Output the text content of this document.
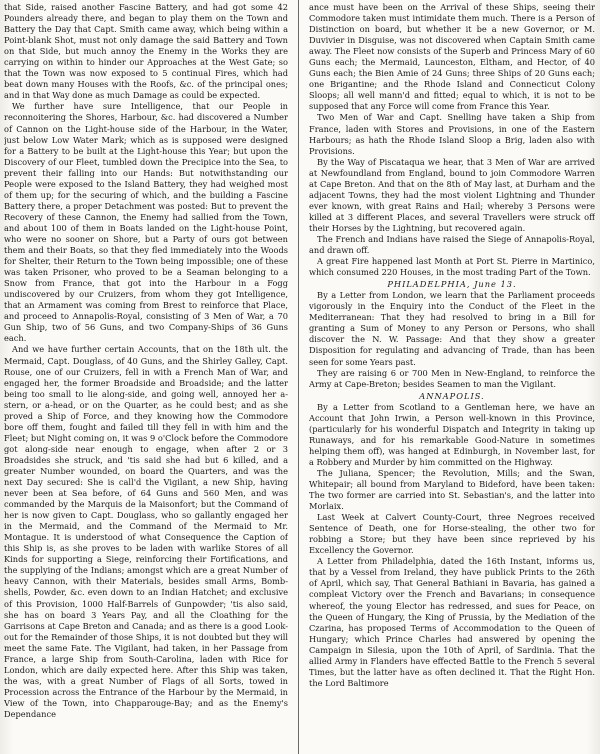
that Side, raised another Fascine Battery, and had got some 42 Pounders already there, and began to play them on the Town and Battery the Day that Capt. Smith came away, which being within a Point-blank Shot, must not only damage the said Battery and Town on that Side, but much annoy the Enemy in the Works they are carrying on within to hinder our Approaches at the West Gate; so that the Town was now exposed to 5 continual Fires, which had beat down many Houses with the Roofs, &c. of the principal ones; and in that Way done as much Damage as could be expected.

We further have sure Intelligence, that our People in reconnoitering the Shores, Harbour, &c. had discovered a Number of Cannon on the Light-house side of the Harbour, in the Water, just below Low Water Mark; which as is supposed were designed for a Battery to be built at the Light-house this Year; but upon the Discovery of our Fleet, tumbled down the Precipice into the Sea, to prevent their falling into our Hands: But notwithstanding our People were exposed to the Island Battery, they had weighed most of them up; for the securing of which, and the building a Fascine Battery there, a proper Detachment was posted: But to prevent the Recovery of these Cannon, the Enemy had sallied from the Town, and about 100 of them in Boats landed on the Light-house Point, who were no sooner on Shore, but a Party of ours got between them and their Boats, so that they fled immediately into the Woods for Shelter, their Return to the Town being impossible; one of these was taken Prisoner, who proved to be a Seaman belonging to a Snow from France, that got into the Harbour in a Fogg undiscovered by our Cruizers, from whom they got Intelligence, that an Armament was coming from Brest to reinforce that Place, and proceed to Annapolis-Royal, consisting of 3 Men of War, a 70 Gun Ship, two of 56 Guns, and two Company-Ships of 36 Guns each.

And we have further certain Accounts, that on the 18th ult. the Mermaid, Capt. Douglass, of 40 Guns, and the Shirley Galley, Capt. Rouse, one of our Cruizers, fell in with a French Man of War, and engaged her, the former Broadside and Broadside; and the latter being too small to lie along-side, and going well, annoyed her a-stern, or a-head, or on the Quarter, as he could best; and as she proved a Ship of Force, and they knowing how the Commodore bore off them, fought and failed till they fell in with him and the Fleet; but Night coming on, it was 9 o'Clock before the Commodore got along-side near enough to engage, when after 2 or 3 Broadsides she struck, and 'tis said she had but 6 killed, and a greater Number wounded, on board the Quarters, and was the next Day secured: She is call'd the Vigilant, a new Ship, having never been at Sea before, of 64 Guns and 560 Men, and was commanded by the Marquis de la Maisonfort; but the Command of her is now given to Capt. Douglass, who so gallantly engaged her in the Mermaid, and the Command of the Mermaid to Mr. Montague. It is understood of what Consequence the Caption of this Ship is, as she proves to be laden with warlike Stores of all Kinds for supporting a Siege, reinforcing their Fortifications, and the supplying of the Indians; amongst which are a great Number of heavy Cannon, with their Materials, besides small Arms, Bomb-shells, Powder, &c. even down to an Indian Hatchet; and exclusive of this Provision, 1000 Half-Barrels of Gunpowder; 'tis also said, she has on board 3 Years Pay, and all the Cloathing for the Garrisons at Cape Breton and Canada; and as there is a good Look-out for the Remainder of those Ships, it is not doubted but they will meet the same Fate. The Vigilant, had taken, in her Passage from France, a large Ship from South-Carolina, laden with Rice for London, which are daily expected here. After this Ship was taken, the was, with a great Number of Flags of all Sorts, towed in Procession across the Entrance of the Harbour by the Mermaid, in View of the Town, into Chapparouge-Bay; and as the Enemy's Dependance

ance must have been on the Arrival of these Ships, seeing their Commodore taken must intimidate them much. There is a Person of Distinction on board, but whether it be a new Governor, or M. Duvivier in Disguise, was not discovered when Captain Smith came away. The Fleet now consists of the Superb and Princess Mary of 60 Guns each; the Mermaid, Launceston, Eltham, and Hector, of 40 Guns each; the Bien Amie of 24 Guns; three Ships of 20 Guns each; one Brigantine; and the Rhode Island and Connecticut Colony Sloops; all well mann'd and fitted; equal to which, it is not to be supposed that any Force will come from France this Year.

Two Men of War and Capt. Snelling have taken a Ship from France, laden with Stores and Provisions, in one of the Eastern Harbours; as hath the Rhode Island Sloop a Brig, laden also with Provisions.

By the Way of Piscataqua we hear, that 3 Men of War are arrived at Newfoundland from England, bound to join Commodore Warren at Cape Breton. And that on the 8th of May last, at Durham and the adjacent Towns, they had the most violent Lightning and Thunder ever known, with great Rains and Hail; whereby 3 Persons were killed at 3 different Places, and several Travellers were struck off their Horses by the Lightning, but recovered again.

The French and Indians have raised the Siege of Annapolis-Royal, and drawn off.

A great Fire happened last Month at Port St. Pierre in Martinico, which consumed 220 Houses, in the most trading Part of the Town.

PHILADELPHIA, June 13.

By a Letter from London, we learn that the Parliament proceeds vigorously in the Enquiry into the Conduct of the Fleet in the Mediterranean: That they had resolved to bring in a Bill for granting a Sum of Money to any Person or Persons, who shall discover the N. W. Passage: And that they show a greater Disposition for regulating and advancing of Trade, than has been seen for some Years past.

They are raising 6 or 700 Men in New-England, to reinforce the Army at Cape-Breton; besides Seamen to man the Vigilant.

ANNAPOLIS.

By a Letter from Scotland to a Gentleman here, we have an Account that John Irwin, a Person well-known in this Province, (particularly for his wonderful Dispatch and Integrity in taking up Runaways, and for his remarkable Good-Nature in sometimes helping them off), was hanged at Edinburgh, in November last, for a Robbery and Murder by him committed on the Highway.

The Juliana, Spencer; the Revolution, Mills; and the Swan, Whitepair; all bound from Maryland to Bideford, have been taken: The two former are carried into St. Sebastian's, and the latter into Morlaix.

Last Week at Calvert County-Court, three Negroes received Sentence of Death, one for Horse-stealing, the other two for robbing a Store; but they have been since reprieved by his Excellency the Governor.

A Letter from Philadelphia, dated the 16th Instant, informs us, that by a Vessel from Ireland, they have publick Prints to the 26th of April, which say, That General Bathiani in Bavaria, has gained a compleat Victory over the French and Bavarians; in consequence whereof, the young Elector has redressed, and sues for Peace, on the Queen of Hungary, the King of Prussia, by the Mediation of the Czarina, has proposed Terms of Accommodation to the Queen of Hungary; which Prince Charles had answered by opening the Campaign in Silesia, upon the 10th of April, of Sardinia. That the allied Army in Flanders have effected Battle to the French 5 several Times, but the latter have as often declined it. That the Right Hon. the Lord Baltimore
